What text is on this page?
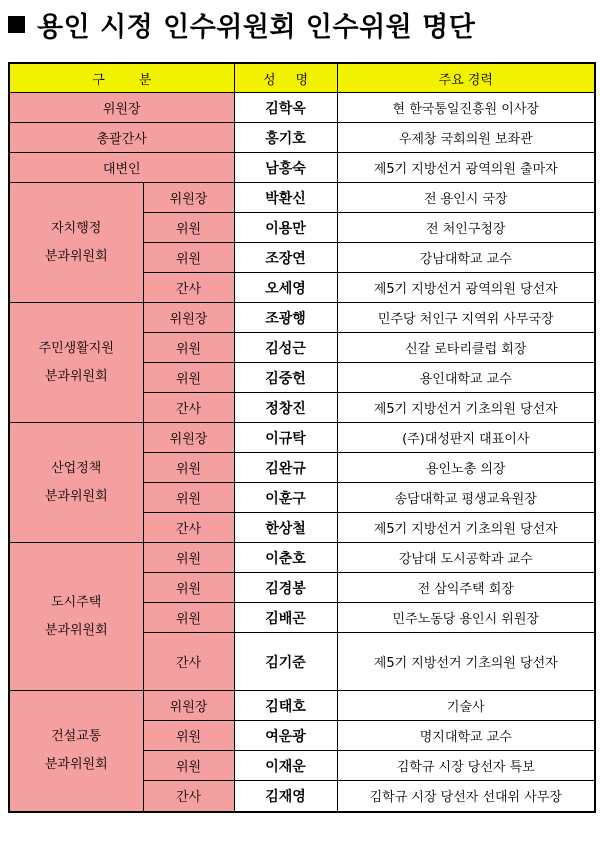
용인 시정 인수위원회 인수위원 명단
구분		성명	주요 경력
위원장		김학옥	현 한국통일진흥원 이사장
총괄간사		홍기호	우제창 국회의원 보좌관
대변인		남홍숙	제5기 지방선거 광역의원 출마자

자치행정
분과위원회	위원장	박환신	전 용인시 국장
	위원	이용만	전 처인구청장
	위원	조장연	강남대학교 교수
	간사	오세영	제5기 지방선거 광역의원 당선자

주민생활지원
분과위원회	위원장	조광행	민주당 처인구 지역위 사무국장
	위원	김성근	신갈 로타리클럽 회장
	위원	김중헌	용인대학교 교수
	간사	정창진	제5기 지방선거 기초의원 당선자

산업정책
분과위원회	위원장	이규탁	(주)대성판지 대표이사
	위원	김완규	용인노총 의장
	위원	이훈구	송담대학교 평생교육원장
	간사	한상철	제5기 지방선거 기초의원 당선자

도시주택
분과위원회	위원	이춘호	강남대 도시공학과 교수
	위원	김경봉	전 삼익주택 회장
	위원	김배곤	민주노동당 용인시 위원장
	간사	김기준	제5기 지방선거 기초의원 당선자

건설교통
분과위원회	위원장	김태호	기술사
	위원	여운광	명지대학교 교수
	위원	이재운	김학규 시장 당선자 특보
	간사	김재영	김학규 시장 당선자 선대위 사무장
